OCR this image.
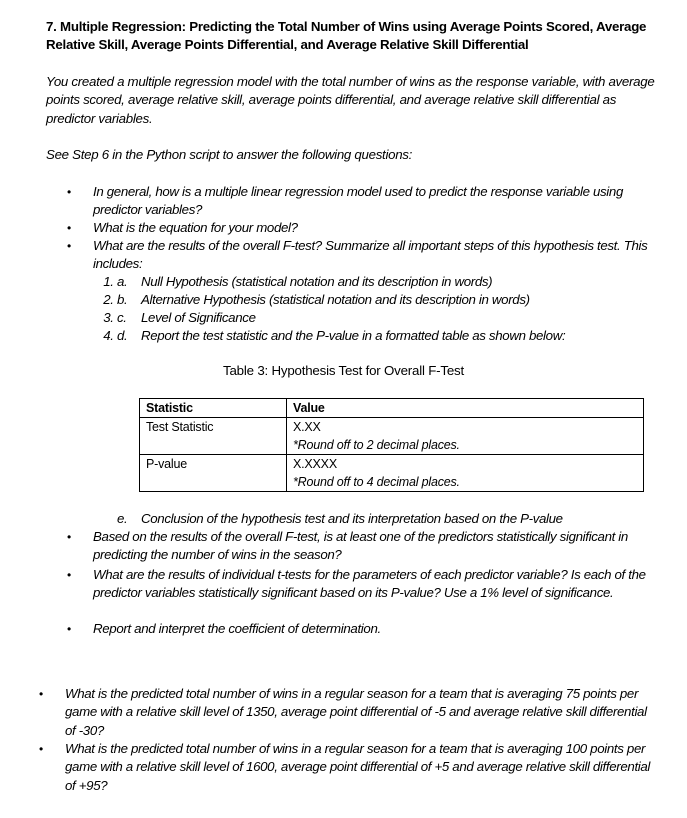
7. Multiple Regression: Predicting the Total Number of Wins using Average Points Scored, Average Relative Skill, Average Points Differential, and Average Relative Skill Differential
You created a multiple regression model with the total number of wins as the response variable, with average points scored, average relative skill, average points differential, and average relative skill differential as predictor variables.
See Step 6 in the Python script to answer the following questions:
• In general, how is a multiple linear regression model used to predict the response variable using predictor variables?
• What is the equation for your model?
• What are the results of the overall F-test? Summarize all important steps of this hypothesis test. This includes:
1. a. Null Hypothesis (statistical notation and its description in words)
2. b. Alternative Hypothesis (statistical notation and its description in words)
3. c. Level of Significance
4. d. Report the test statistic and the P-value in a formatted table as shown below:
Table 3: Hypothesis Test for Overall F-Test
Statistic	Value
Test Statistic	X.XX
*Round off to 2 decimal places.

P-value	X.XXXX
*Round off to 4 decimal places.
e. Conclusion of the hypothesis test and its interpretation based on the P-value
• Based on the results of the overall F-test, is at least one of the predictors statistically significant in predicting the number of wins in the season?
• What are the results of individual t-tests for the parameters of each predictor variable? Is each of the predictor variables statistically significant based on its P-value? Use a 1% level of significance.
• Report and interpret the coefficient of determination.
• What is the predicted total number of wins in a regular season for a team that is averaging 75 points per game with a relative skill level of 1350, average point differential of -5 and average relative skill differential of -30?
• What is the predicted total number of wins in a regular season for a team that is averaging 100 points per game with a relative skill level of 1600, average point differential of +5 and average relative skill differential of +95?
